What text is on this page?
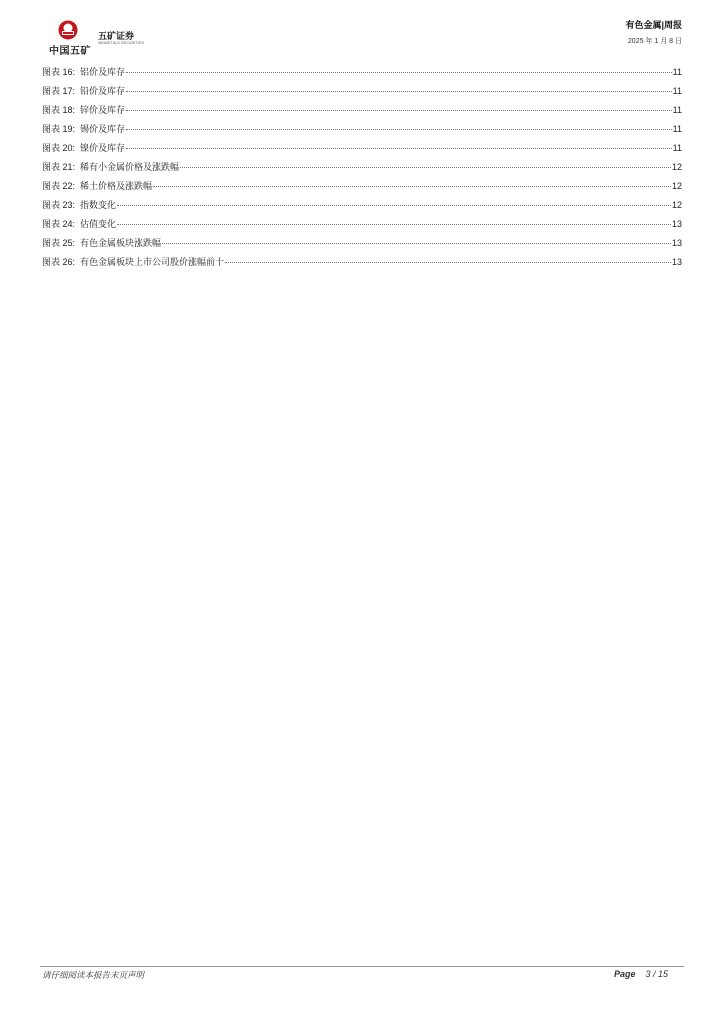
中国五矿
五矿证券
MINMETALS SECURITIES
有色金属|周报
2025 年 1 月 8 日
图表 16: 铝价及库存	11
图表 17: 铅价及库存	11
图表 18: 锌价及库存	11
图表 19: 锡价及库存	11
图表 20: 镍价及库存	11
图表 21: 稀有小金属价格及涨跌幅	12
图表 22: 稀土价格及涨跌幅	12
图表 23: 指数变化	12
图表 24: 估值变化	13
图表 25: 有色金属板块涨跌幅	13
图表 26: 有色金属板块上市公司股价涨幅前十	13
请仔细阅读本报告末页声明	Page 3 / 15
